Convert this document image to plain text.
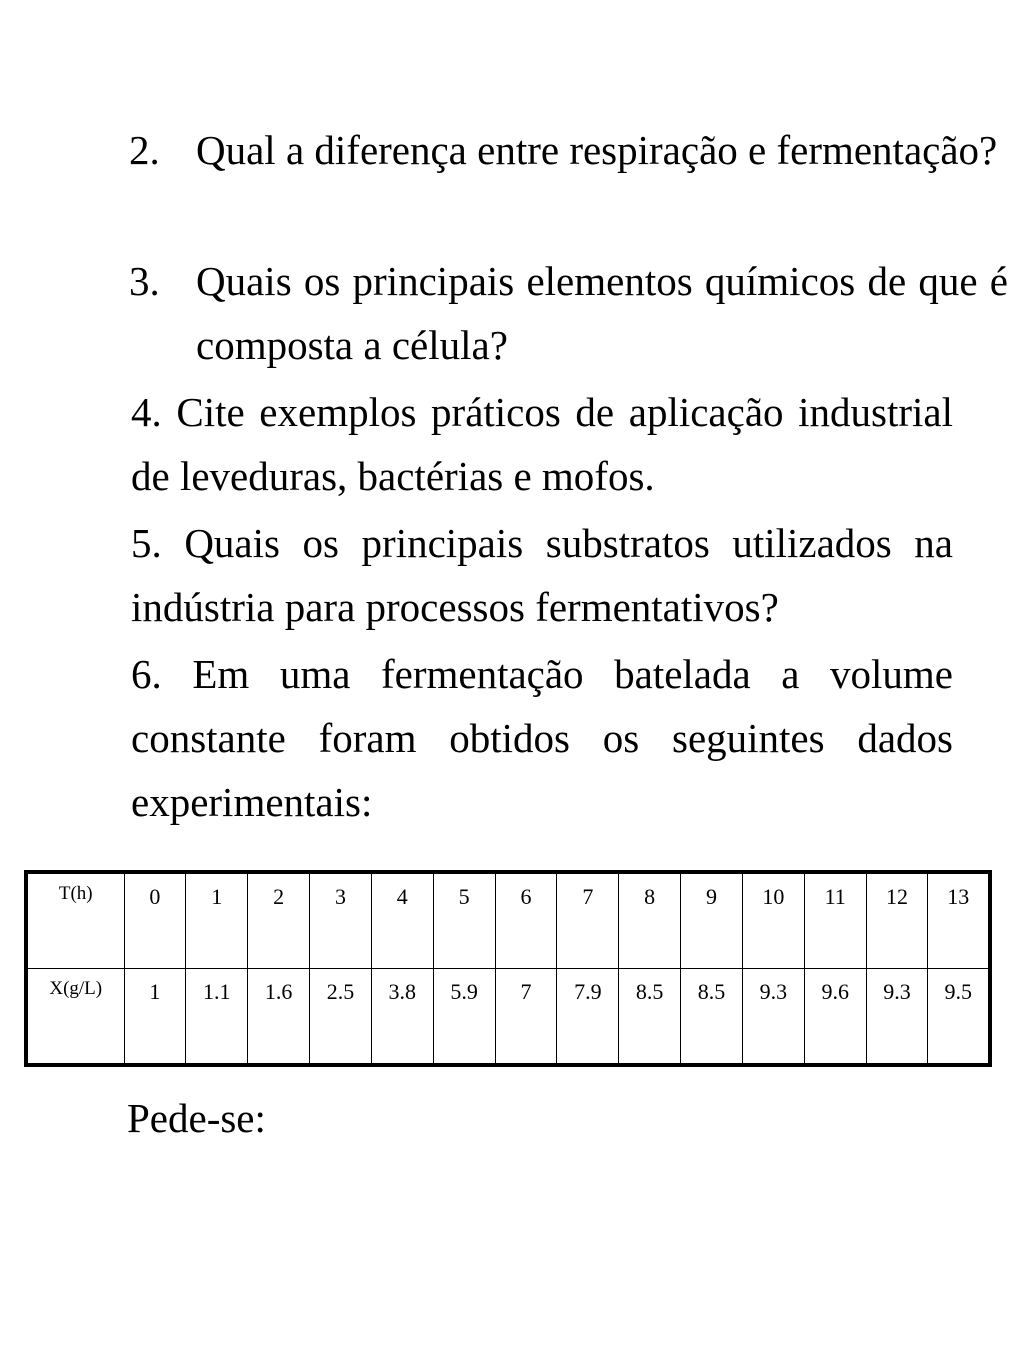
2. Qual a diferença entre respiração e fermentação?

3. Quais os principais elementos químicos de que é composta a célula?

4. Cite exemplos práticos de aplicação industrial de leveduras, bactérias e mofos.

5. Quais os principais substratos utilizados na indústria para processos fermentativos?

6. Em uma fermentação batelada a volume constante foram obtidos os seguintes dados experimentais:

T(h)	0	1	2	3	4	5	6	7	8	9	10	11	12	13
X(g/L)	1	1.1	1.6	2.5	3.8	5.9	7	7.9	8.5	8.5	9.3	9.6	9.3	9.5

Pede-se:
